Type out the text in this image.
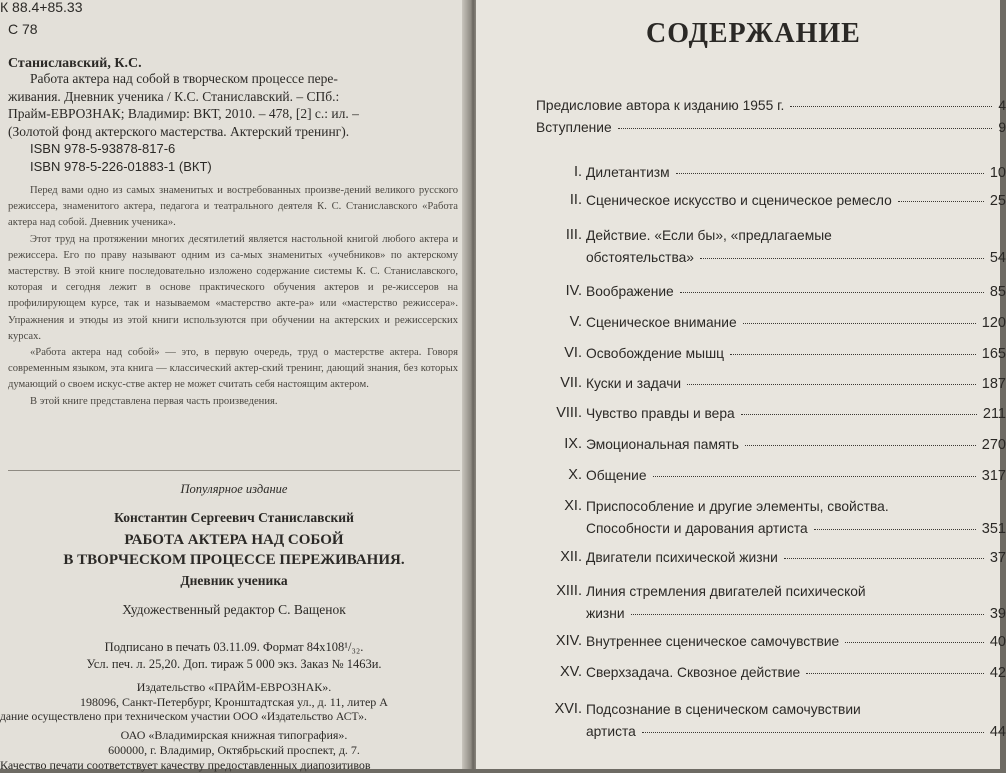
К 88.4+85.33
С 78
Станиславский, К.С.
Работа актера над собой в творческом процессе пере-
живания. Дневник ученика / К.С. Станиславский. – СПб.:
Прайм-ЕВРОЗНАК; Владимир: ВКТ, 2010. – 478, [2] с.: ил. –
(Золотой фонд актерского мастерства. Актерский тренинг).
ISBN 978-5-93878-817-6
ISBN 978-5-226-01883-1 (ВКТ)

Перед вами одно из самых знаменитых и востребованных произве-дений великого русского режиссера, знаменитого актера, педагога и театрального деятеля К. С. Станиславского «Работа актера над собой. Дневник ученика».

Этот труд на протяжении многих десятилетий является настольной книгой любого актера и режиссера. Его по праву называют одним из са-мых знаменитых «учебников» по актерскому мастерству. В этой книге последовательно изложено содержание системы К. С. Станиславского, которая и сегодня лежит в основе практического обучения актеров и ре-жиссеров на профилирующем курсе, так и называемом «мастерство акте-ра» или «мастерство режиссера». Упражнения и этюды из этой книги используются при обучении на актерских и режиссерских курсах.

«Работа актера над собой» — это, в первую очередь, труд о мастерстве актера. Говоря современным языком, эта книга — классический актер-ский тренинг, дающий знания, без которых думающий о своем искус-стве актер не может считать себя настоящим актером.

В этой книге представлена первая часть произведения.

Популярное издание
Константин Сергеевич Станиславский
РАБОТА АКТЕРА НАД СОБОЙ
В ТВОРЧЕСКОМ ПРОЦЕССЕ ПЕРЕЖИВАНИЯ.
Дневник ученика
Художественный редактор С. Ващенок
Подписано в печать 03.11.09. Формат 84x108¹/₃₂.
Усл. печ. л. 25,20. Доп. тираж 5 000 экз. Заказ № 1463и.
Издательство «ПРАЙМ-ЕВРОЗНАК».
198096, Санкт-Петербург, Кронштадтская ул., д. 11, литер А
дание осуществлено при техническом участии ООО «Издательство АСТ».
ОАО «Владимирская книжная типография».
600000, г. Владимир, Октябрьский проспект, д. 7.
Качество печати соответствует качеству предоставленных диапозитивов
СОДЕРЖАНИЕ
Предисловие автора к изданию 1955 г.	4
Вступление	9
I. Дилетантизм	10
II. Сценическое искусство и сценическое ремесло	25
III. Действие. «Если бы», «предлагаемые
обстоятельства»	54
IV. Воображение	85
V. Сценическое внимание	120
VI. Освобождение мышц	165
VII. Куски и задачи	187
VIII. Чувство правды и вера	211
IX. Эмоциональная память	270
X. Общение	317
XI. Приспособление и другие элементы, свойства.
Способности и дарования артиста	351
XII. Двигатели психической жизни	37
XIII. Линия стремления двигателей психической
жизни	39
XIV. Внутреннее сценическое самочувствие	40
XV. Сверхзадача. Сквозное действие	42
XVI. Подсознание в сценическом самочувствии
артиста	44
